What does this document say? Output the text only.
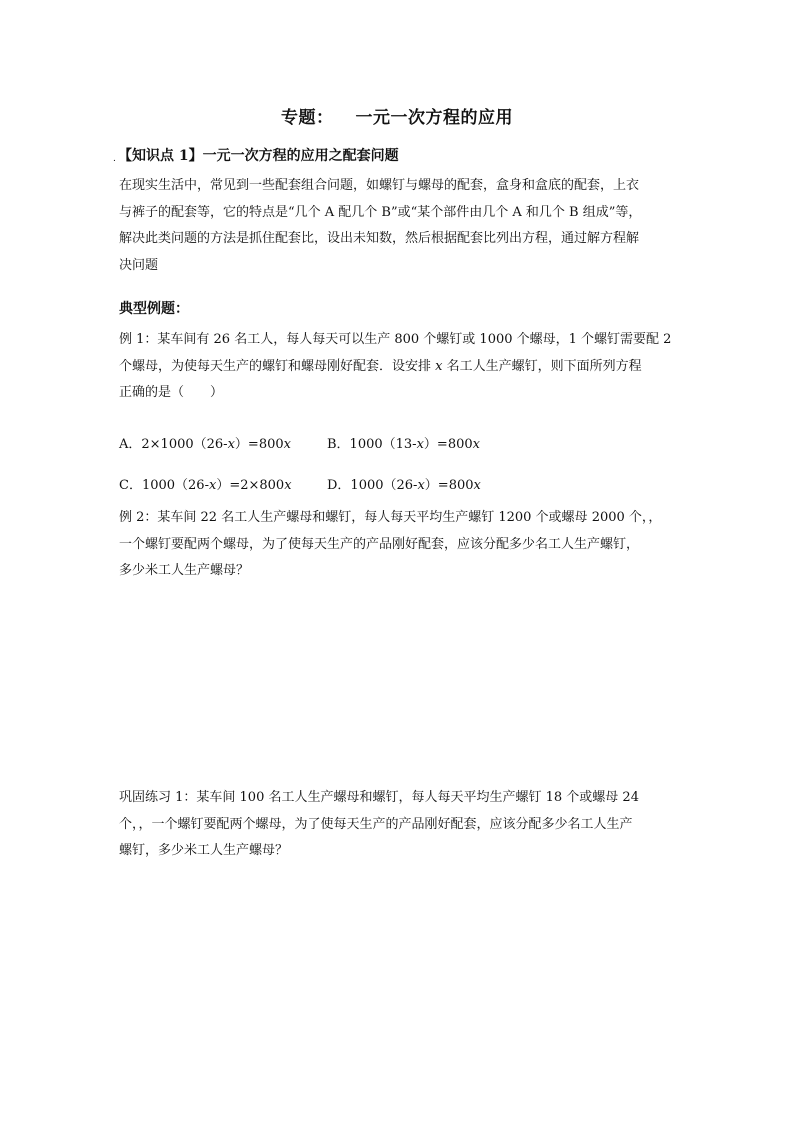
专题： 一元一次方程的应用
. 【知识点 1】一元一次方程的应用之配套问题
在现实生活中，常见到一些配套组合问题，如螺钉与螺母的配套，盒身和盒底的配套，上衣
与裤子的配套等，它的特点是“几个 A 配几个 B”或“某个部件由几个 A 和几个 B 组成”等，
解决此类问题的方法是抓住配套比，设出未知数，然后根据配套比列出方程，通过解方程解
决问题
典型例题：
例 1：某车间有 26 名工人，每人每天可以生产 800 个螺钉或 1000 个螺母，1 个螺钉需要配 2
个螺母，为使每天生产的螺钉和螺母刚好配套．设安排 x 名工人生产螺钉，则下面所列方程
正确的是（　　）
A．2×1000（26-x）=800x	B．1000（13-x）=800x
C．1000（26-x）=2×800x	D．1000（26-x）=800x
例 2：某车间 22 名工人生产螺母和螺钉，每人每天平均生产螺钉 1200 个或螺母 2000 个，，
一个螺钉要配两个螺母，为了使每天生产的产品刚好配套，应该分配多少名工人生产螺钉，
多少米工人生产螺母？
巩固练习 1：某车间 100 名工人生产螺母和螺钉，每人每天平均生产螺钉 18 个或螺母 24
个，，一个螺钉要配两个螺母，为了使每天生产的产品刚好配套，应该分配多少名工人生产
螺钉，多少米工人生产螺母？
